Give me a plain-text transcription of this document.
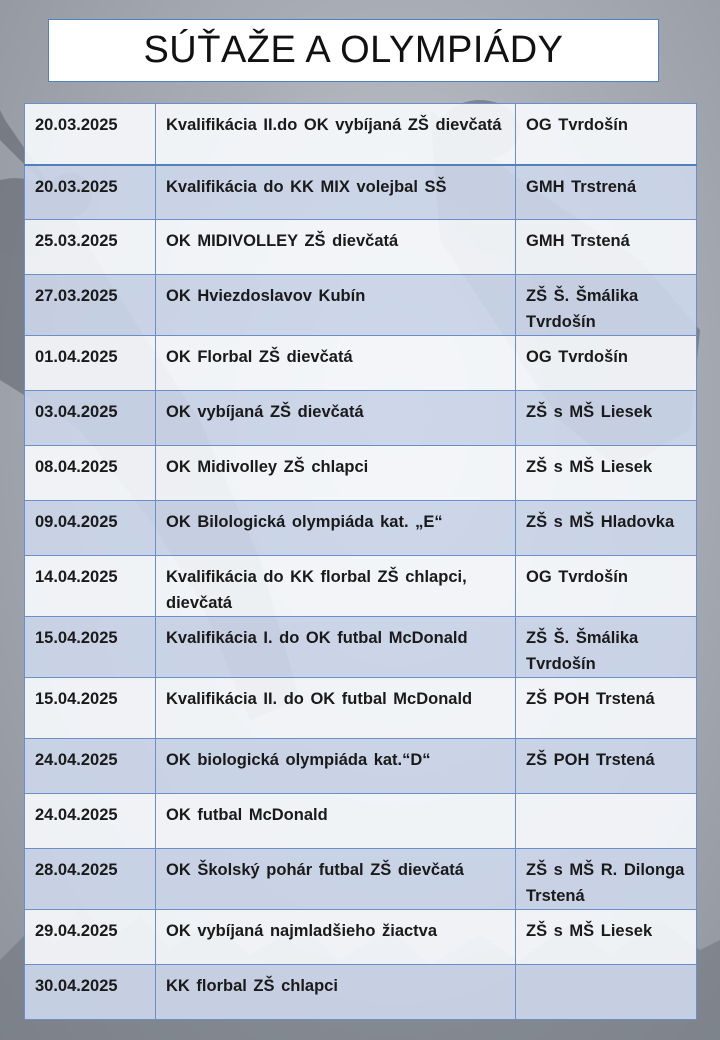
SÚŤAŽE A OLYMPIÁDY
20.03.2025	Kvalifikácia II.do OK vybíjaná ZŠ dievčatá	OG Tvrdošín
20.03.2025	Kvalifikácia do KK MIX volejbal SŠ	GMH Trstrená
25.03.2025	OK MIDIVOLLEY ZŠ dievčatá	GMH Trstená
27.03.2025	OK Hviezdoslavov Kubín	ZŠ Š. Šmálika Tvrdošín
01.04.2025	OK Florbal ZŠ dievčatá	OG Tvrdošín
03.04.2025	OK vybíjaná ZŠ dievčatá	ZŠ s MŠ Liesek
08.04.2025	OK Midivolley ZŠ chlapci	ZŠ s MŠ Liesek
09.04.2025	OK Bilologická olympiáda kat. „E“	ZŠ s MŠ Hladovka
14.04.2025	Kvalifikácia do KK florbal ZŠ chlapci, dievčatá	OG Tvrdošín
15.04.2025	Kvalifikácia I. do OK futbal McDonald	ZŠ Š. Šmálika Tvrdošín
15.04.2025	Kvalifikácia II. do OK futbal McDonald	ZŠ POH Trstená
24.04.2025	OK biologická olympiáda kat.“D“	ZŠ POH Trstená
24.04.2025	OK futbal McDonald	
28.04.2025	OK Školský pohár futbal ZŠ dievčatá	ZŠ s MŠ R. Dilonga Trstená
29.04.2025	OK vybíjaná najmladšieho žiactva	ZŠ s MŠ Liesek
30.04.2025	KK florbal ZŠ chlapci	
